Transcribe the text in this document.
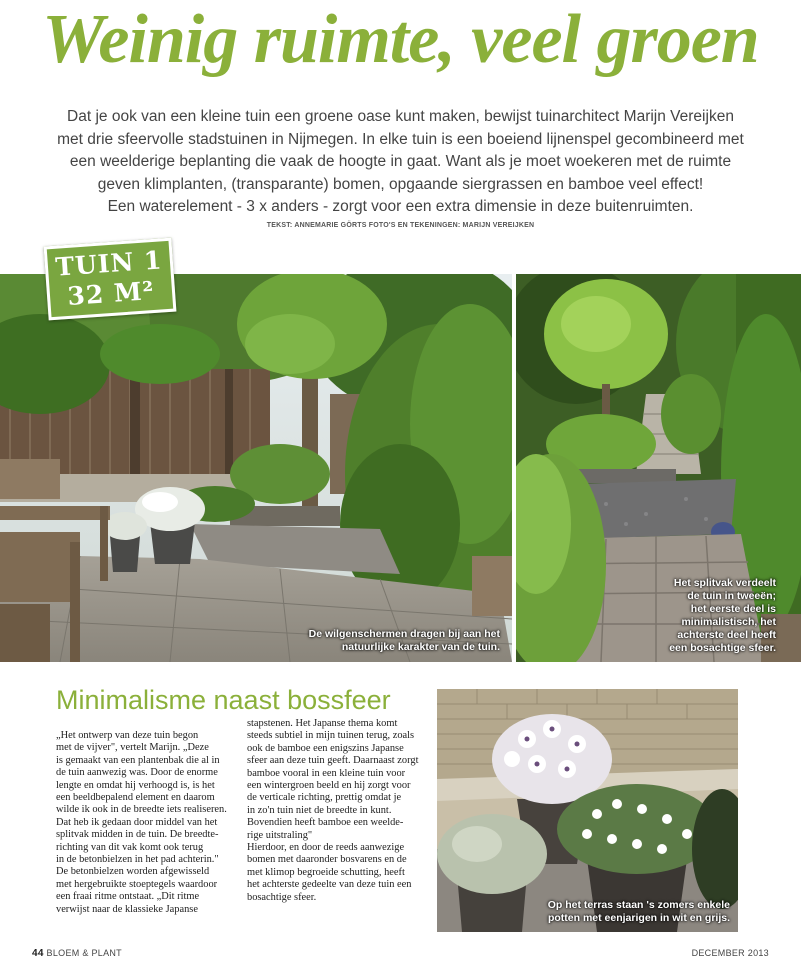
Weinig ruimte, veel groen
Dat je ook van een kleine tuin een groene oase kunt maken, bewijst tuinarchitect Marijn Vereijken
met drie sfeervolle stadstuinen in Nijmegen. In elke tuin is een boeiend lijnenspel gecombineerd met
een weelderige beplanting die vaak de hoogte in gaat. Want als je moet woekeren met de ruimte
geven klimplanten, (transparante) bomen, opgaande siergrassen en bamboe veel effect!
Een waterelement - 3 x anders - zorgt voor een extra dimensie in deze buitenruimten.
TEKST: ANNEMARIE GÖRTS FOTO'S EN TEKENINGEN: MARIJN VEREIJKEN
TUIN 1
32 M²
De wilgenschermen dragen bij aan het
natuurlijke karakter van de tuin.
Het splitvak verdeelt
de tuin in tweeën;
het eerste deel is
minimalistisch, het
achterste deel heeft
een bosachtige sfeer.
Op het terras staan 's zomers enkele
potten met eenjarigen in wit en grijs.
Minimalisme naast bossfeer

„Het ontwerp van deze tuin begon

met de vijver", vertelt Marijn. „Deze

is gemaakt van een plantenbak die al in

de tuin aanwezig was. Door de enorme

lengte en omdat hij verhoogd is, is het

een beeldbepalend element en daarom

wilde ik ook in de breedte iets realiseren.

Dat heb ik gedaan door middel van het

splitvak midden in de tuin. De breedte-

richting van dit vak komt ook terug

in de betonbielzen in het pad achterin."

De betonbielzen worden afgewisseld

met hergebruikte stoeptegels waardoor

een fraai ritme ontstaat. „Dit ritme

verwijst naar de klassieke Japanse

stapstenen. Het Japanse thema komt

steeds subtiel in mijn tuinen terug, zoals

ook de bamboe een enigszins Japanse

sfeer aan deze tuin geeft. Daarnaast zorgt

bamboe vooral in een kleine tuin voor

een wintergroen beeld en hij zorgt voor

de verticale richting, prettig omdat je

in zo'n tuin niet de breedte in kunt.

Bovendien heeft bamboe een weelde-

rige uitstraling"

Hierdoor, en door de reeds aanwezige

bomen met daaronder bosvarens en de

met klimop begroeide schutting, heeft

het achterste gedeelte van deze tuin een

bosachtige sfeer.

44 BLOEM & PLANT	DECEMBER 2013
